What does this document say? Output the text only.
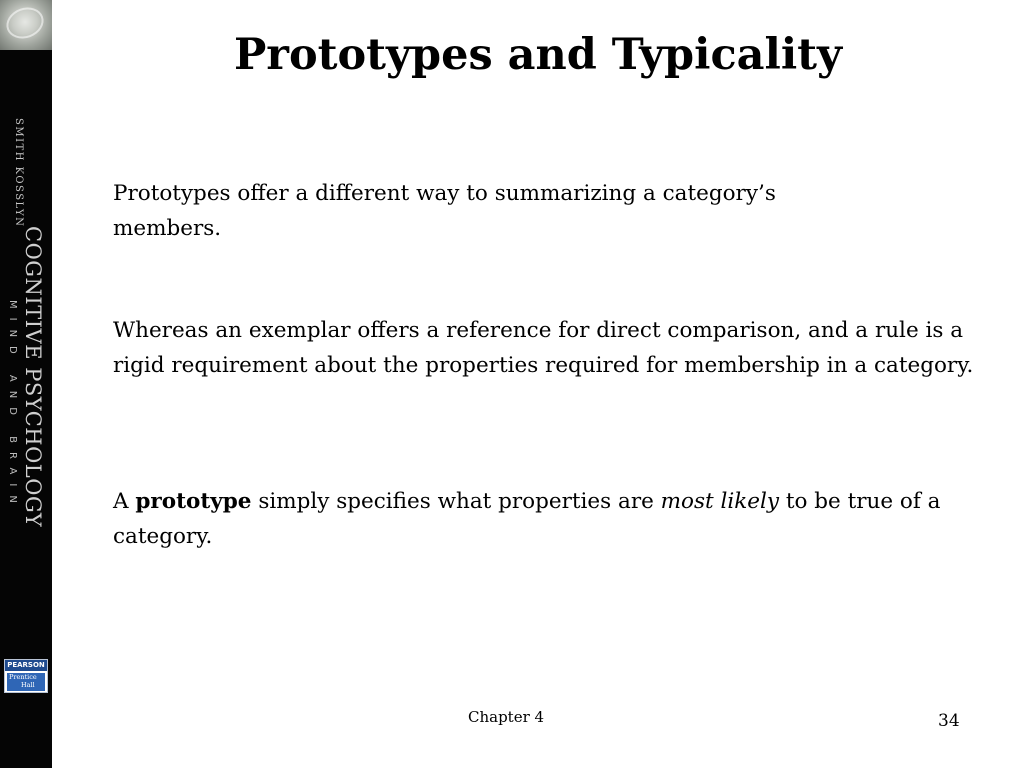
SMITH KOSSLYN
COGNITIVE PSYCHOLOGY
MIND AND BRAIN
PEARSON
Prentice
Hall
Prototypes and Typicality

Prototypes offer a different way to summarizing a category’s members.

Whereas an exemplar offers a reference for direct comparison, and a rule is a rigid requirement about the properties required for membership in a category.

A prototype simply specifies what properties are most likely to be true of a category.

Chapter 4	34
